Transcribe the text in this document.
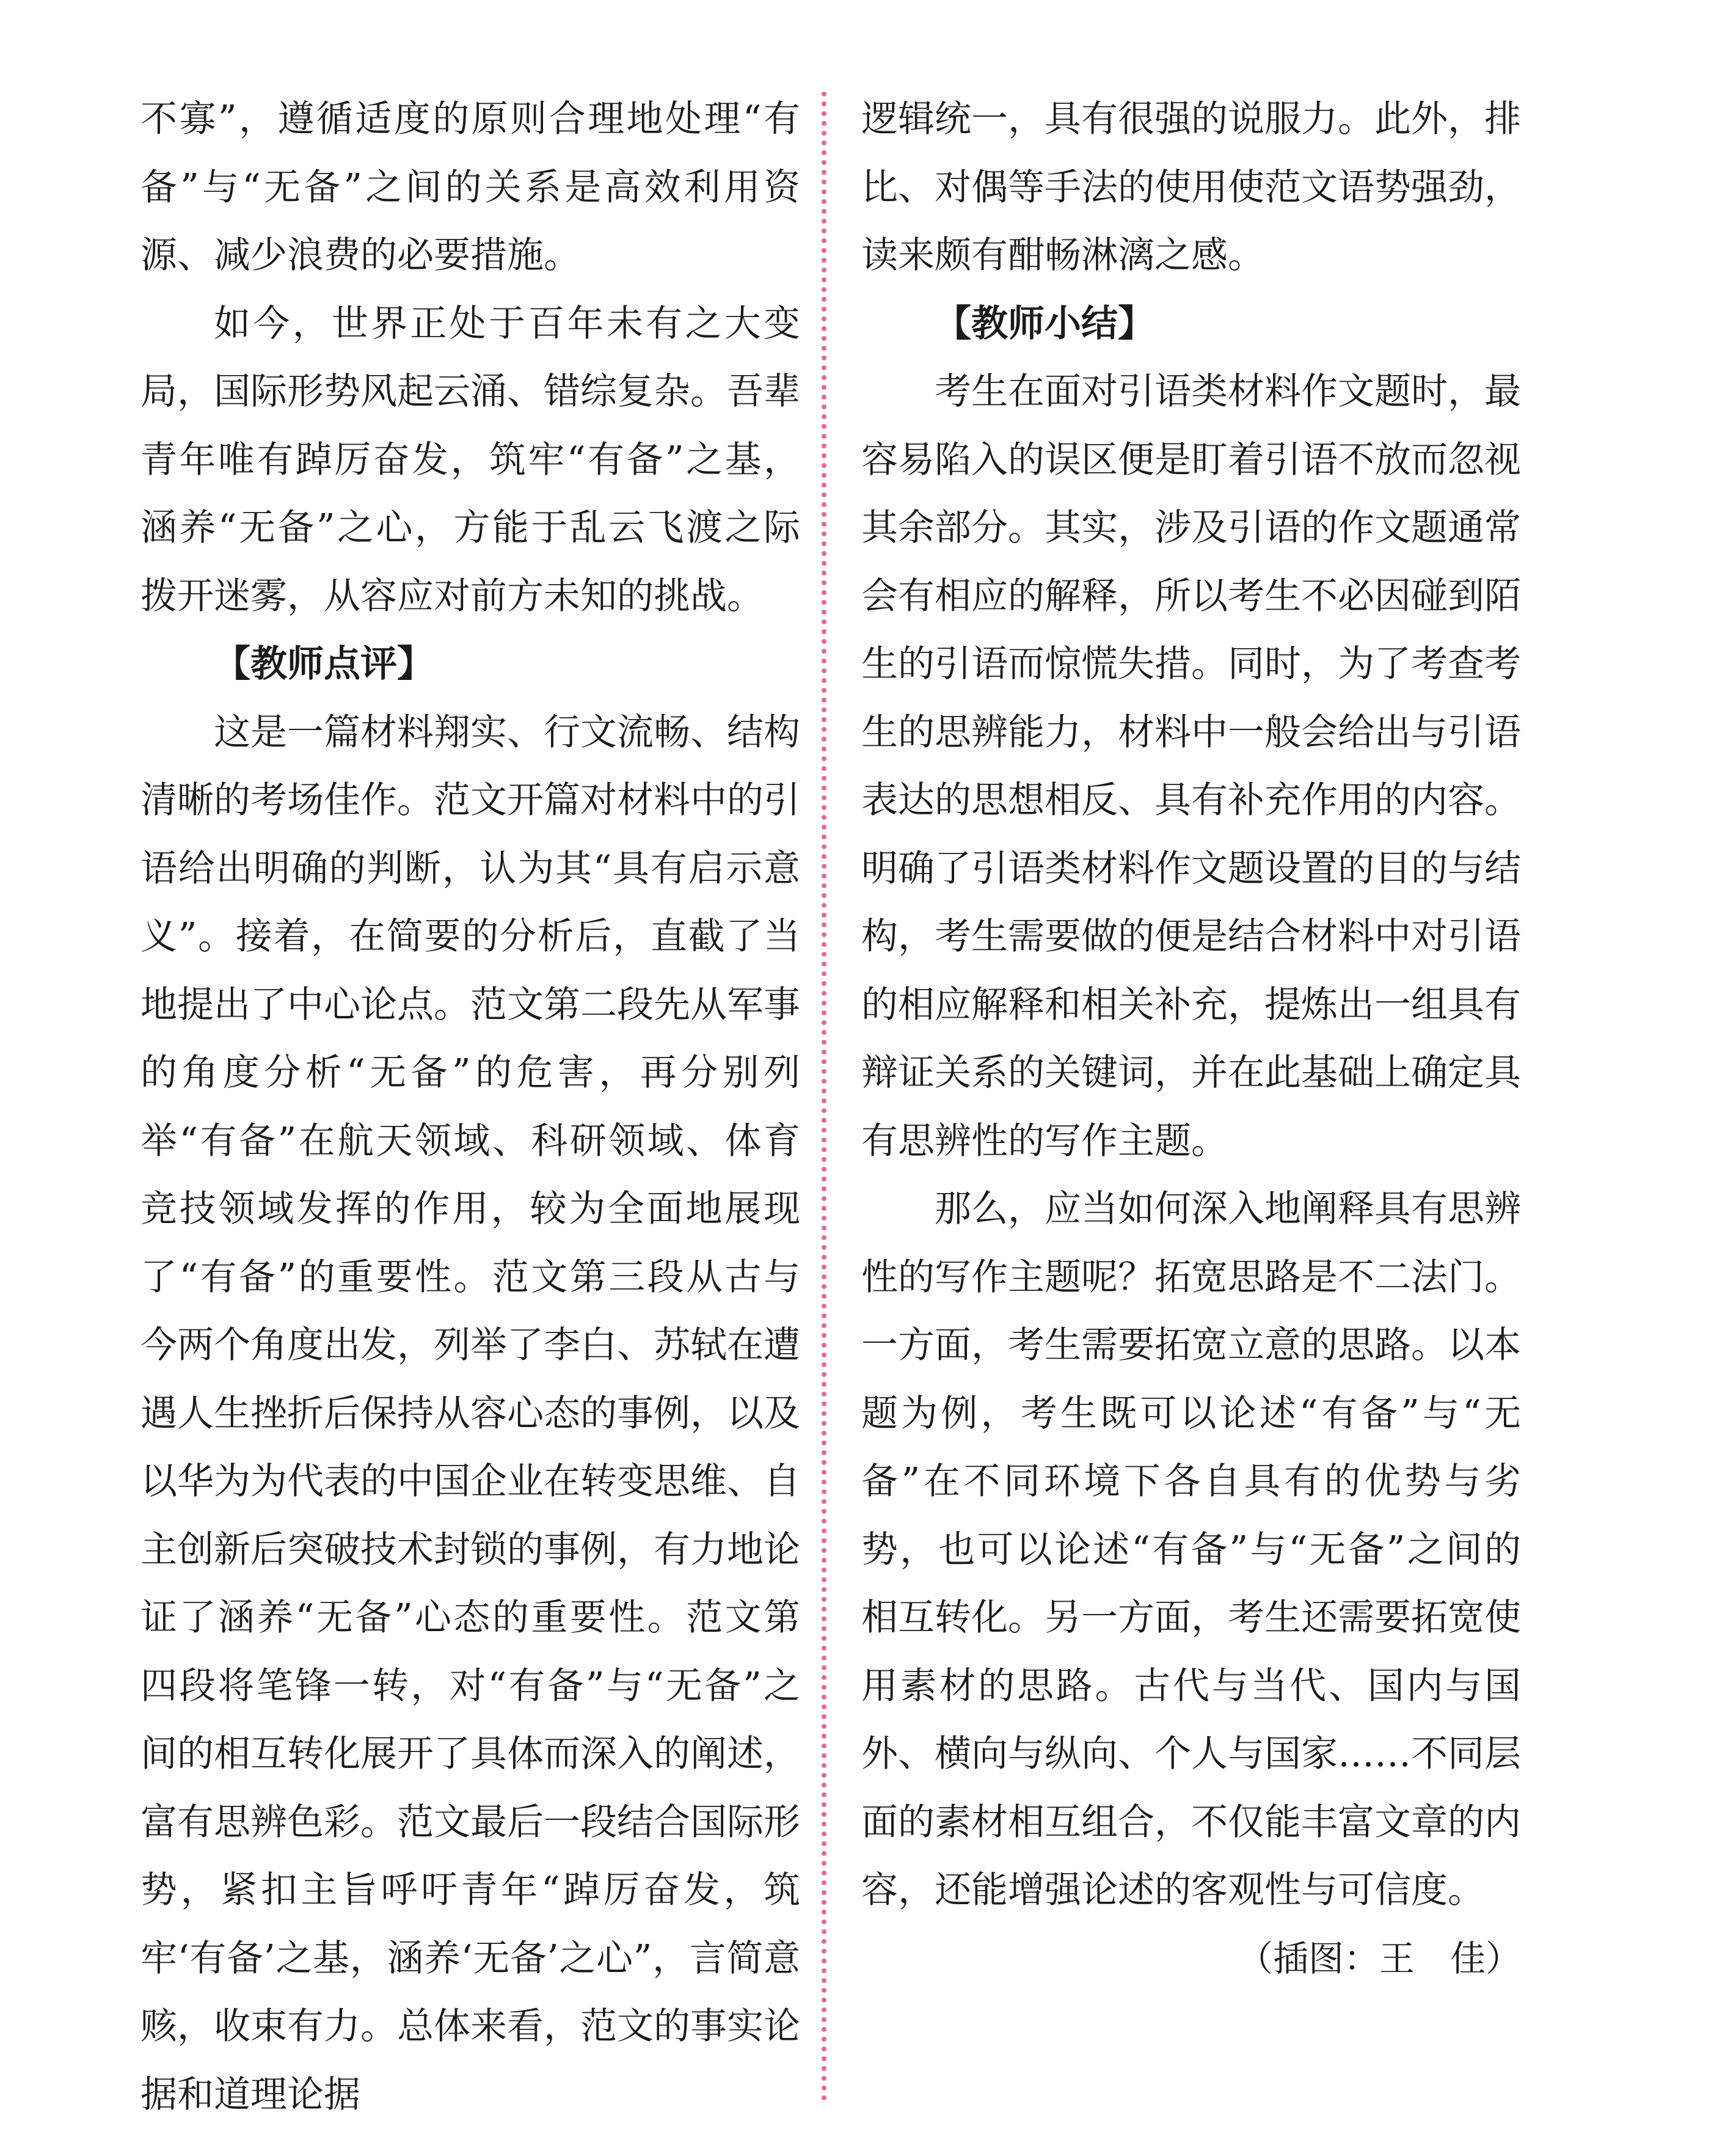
不寡”，遵循适度的原则合理地处理“有备”与“无备”之间的关系是高效利用资源、减少浪费的必要措施。

如今，世界正处于百年未有之大变局，国际形势风起云涌、错综复杂。吾辈青年唯有踔厉奋发，筑牢“有备”之基，涵养“无备”之心，方能于乱云飞渡之际拨开迷雾，从容应对前方未知的挑战。

【教师点评】

这是一篇材料翔实、行文流畅、结构清晰的考场佳作。范文开篇对材料中的引语给出明确的判断，认为其“具有启示意义”。接着，在简要的分析后，直截了当地提出了中心论点。范文第二段先从军事的角度分析“无备”的危害，再分别列举“有备”在航天领域、科研领域、体育竞技领域发挥的作用，较为全面地展现了“有备”的重要性。范文第三段从古与今两个角度出发，列举了李白、苏轼在遭遇人生挫折后保持从容心态的事例，以及以华为为代表的中国企业在转变思维、自主创新后突破技术封锁的事例，有力地论证了涵养“无备”心态的重要性。范文第四段将笔锋一转，对“有备”与“无备”之间的相互转化展开了具体而深入的阐述，富有思辨色彩。范文最后一段结合国际形势，紧扣主旨呼吁青年“踔厉奋发，筑牢‘有备’之基，涵养‘无备’之心”，言简意赅，收束有力。总体来看，范文的事实论据和道理论据

逻辑统一，具有很强的说服力。此外，排比、对偶等手法的使用使范文语势强劲，读来颇有酣畅淋漓之感。

【教师小结】

考生在面对引语类材料作文题时，最容易陷入的误区便是盯着引语不放而忽视其余部分。其实，涉及引语的作文题通常会有相应的解释，所以考生不必因碰到陌生的引语而惊慌失措。同时，为了考查考生的思辨能力，材料中一般会给出与引语表达的思想相反、具有补充作用的内容。明确了引语类材料作文题设置的目的与结构，考生需要做的便是结合材料中对引语的相应解释和相关补充，提炼出一组具有辩证关系的关键词，并在此基础上确定具有思辨性的写作主题。

那么，应当如何深入地阐释具有思辨性的写作主题呢？拓宽思路是不二法门。一方面，考生需要拓宽立意的思路。以本题为例，考生既可以论述“有备”与“无备”在不同环境下各自具有的优势与劣势，也可以论述“有备”与“无备”之间的相互转化。另一方面，考生还需要拓宽使用素材的思路。古代与当代、国内与国外、横向与纵向、个人与国家……不同层面的素材相互组合，不仅能丰富文章的内容，还能增强论述的客观性与可信度。

（插图：王　佳）
